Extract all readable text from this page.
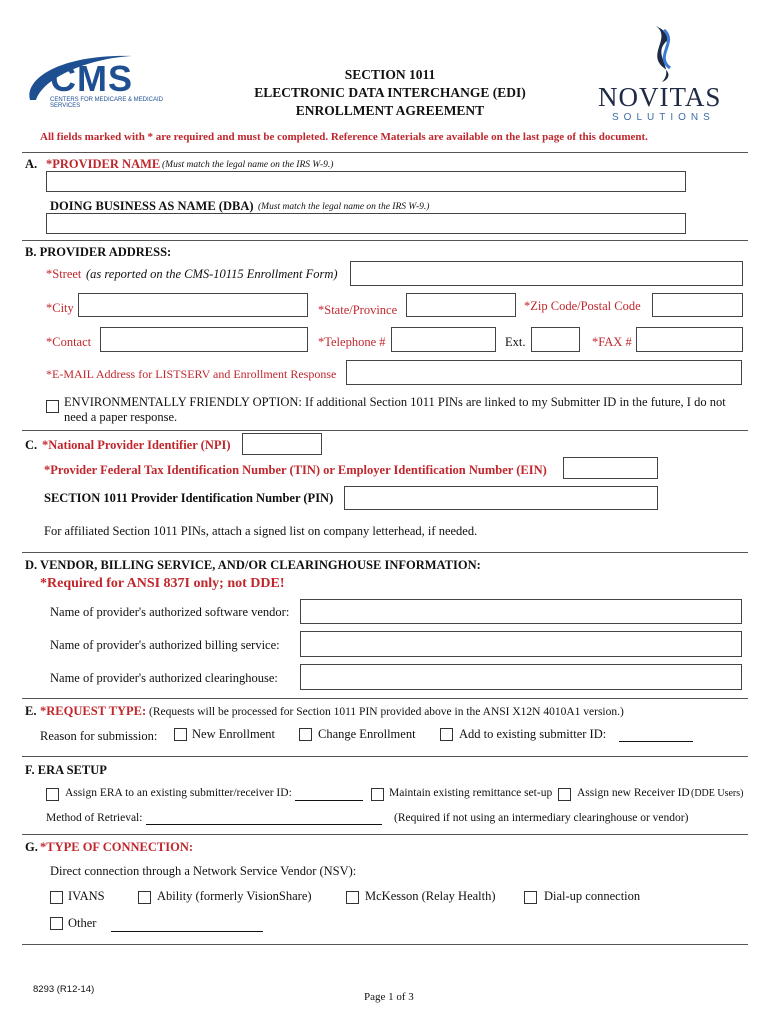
CMS
CENTERS FOR MEDICARE & MEDICAID SERVICES
SECTION 1011
ELECTRONIC DATA INTERCHANGE (EDI)
ENROLLMENT AGREEMENT	NOVITAS
SOLUTIONS
All fields marked with * are required and must be completed. Reference Materials are available on the last page of this document.
A. *PROVIDER NAME (Must match the legal name on the IRS W-9.)
DOING BUSINESS AS NAME (DBA) (Must match the legal name on the IRS W-9.)
B. PROVIDER ADDRESS:
*Street (as reported on the CMS-10115 Enrollment Form)
*City	*State/Province	*Zip Code/Postal Code
*Contact	*Telephone #	Ext.	*FAX #
*E-MAIL Address for LISTSERV and Enrollment Response
ENVIRONMENTALLY FRIENDLY OPTION: If additional Section 1011 PINs are linked to my Submitter ID in the future, I do not
need a paper response.
C. *National Provider Identifier (NPI)
*Provider Federal Tax Identification Number (TIN) or Employer Identification Number (EIN)
SECTION 1011 Provider Identification Number (PIN)
For affiliated Section 1011 PINs, attach a signed list on company letterhead, if needed.
D. VENDOR, BILLING SERVICE, AND/OR CLEARINGHOUSE INFORMATION:
*Required for ANSI 837I only; not DDE!
Name of provider's authorized software vendor:
Name of provider's authorized billing service:
Name of provider's authorized clearinghouse:
E. *REQUEST TYPE: (Requests will be processed for Section 1011 PIN provided above in the ANSI X12N 4010A1 version.)
Reason for submission:	New Enrollment	Change Enrollment	Add to existing submitter ID:
F. ERA SETUP
Assign ERA to an existing submitter/receiver ID:	Maintain existing remittance set-up Assign new Receiver ID (DDE Users)
Method of Retrieval:	(Required if not using an intermediary clearinghouse or vendor)
G. *TYPE OF CONNECTION:
Direct connection through a Network Service Vendor (NSV):
IVANS	Ability (formerly VisionShare)	McKesson (Relay Health)	Dial-up connection
Other
8293 (R12-14)
Page 1 of 3
